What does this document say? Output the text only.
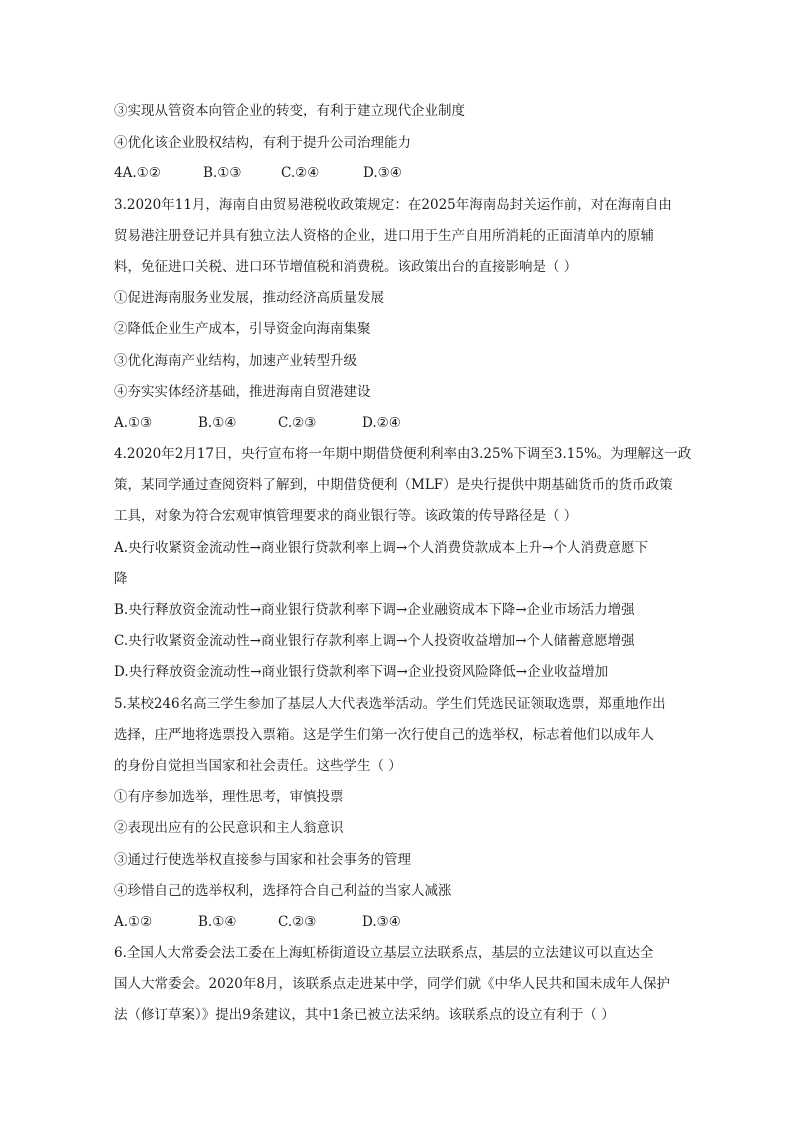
③实现从管资本向管企业的转变，有利于建立现代企业制度
④优化该企业股权结构，有利于提升公司治理能力
4A.①②	B.①③	C.②④	D.③④
3.2020年11月，海南自由贸易港税收政策规定：在2025年海南岛封关运作前，对在海南自由
贸易港注册登记并具有独立法人资格的企业，进口用于生产自用所消耗的正面清单内的原辅
料，免征进口关税、进口环节增值税和消费税。该政策出台的直接影响是（ ）
①促进海南服务业发展，推动经济高质量发展
②降低企业生产成本，引导资金向海南集聚
③优化海南产业结构，加速产业转型升级
④夯实实体经济基础，推进海南自贸港建设
A.①③	B.①④	C.②③	D.②④
4.2020年2月17日，央行宣布将一年期中期借贷便利利率由3.25%下调至3.15%。为理解这一政
策，某同学通过查阅资料了解到，中期借贷便利（MLF）是央行提供中期基础货币的货币政策
工具，对象为符合宏观审慎管理要求的商业银行等。该政策的传导路径是（ ）
A.央行收紧资金流动性→商业银行贷款利率上调→个人消费贷款成本上升→个人消费意愿下
降
B.央行释放资金流动性→商业银行贷款利率下调→企业融资成本下降→企业市场活力增强
C.央行收紧资金流动性→商业银行存款利率上调→个人投资收益增加→个人储蓄意愿增强
D.央行释放资金流动性→商业银行贷款利率下调→企业投资风险降低→企业收益增加
5.某校246名高三学生参加了基层人大代表选举活动。学生们凭选民证领取选票，郑重地作出
选择，庄严地将选票投入票箱。这是学生们第一次行使自己的选举权，标志着他们以成年人
的身份自觉担当国家和社会责任。这些学生（ ）
①有序参加选举，理性思考，审慎投票
②表现出应有的公民意识和主人翁意识
③通过行使选举权直接参与国家和社会事务的管理
④珍惜自己的选举权利，选择符合自己利益的当家人减涨
A.①②	B.①④	C.②③	D.③④
6.全国人大常委会法工委在上海虹桥街道设立基层立法联系点，基层的立法建议可以直达全
国人大常委会。2020年8月，该联系点走进某中学，同学们就《中华人民共和国未成年人保护
法（修订草案）》提出9条建议，其中1条已被立法采纳。该联系点的设立有利于（ ）
